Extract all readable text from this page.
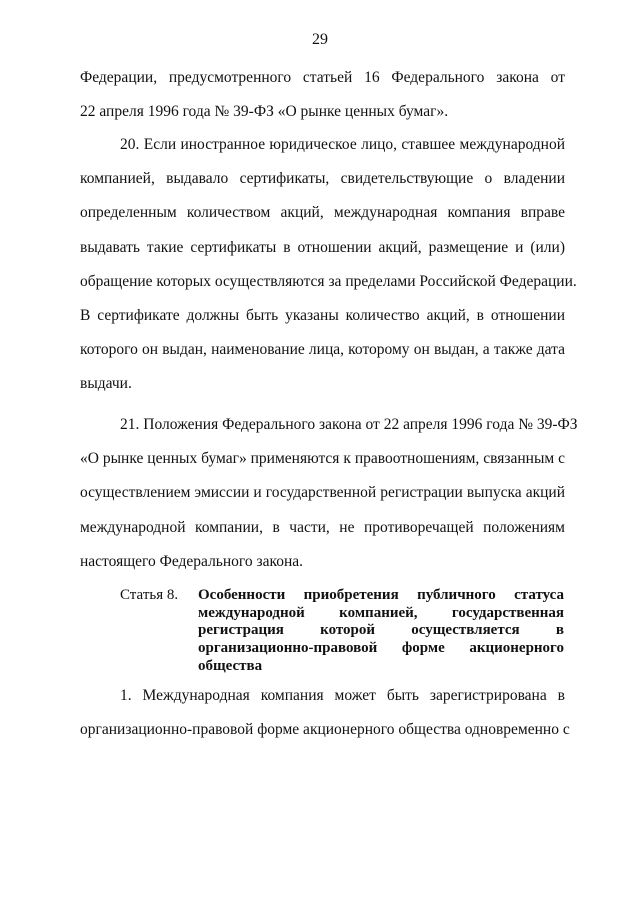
29
Федерации, предусмотренного статьей 16 Федерального закона от
22 апреля 1996 года № 39-ФЗ «О рынке ценных бумаг».
20. Если иностранное юридическое лицо, ставшее международной
компанией, выдавало сертификаты, свидетельствующие о владении
определенным количеством акций, международная компания вправе
выдавать такие сертификаты в отношении акций, размещение и (или)
обращение которых осуществляются за пределами Российской Федерации.
В сертификате должны быть указаны количество акций, в отношении
которого он выдан, наименование лица, которому он выдан, а также дата
выдачи.
21. Положения Федерального закона от 22 апреля 1996 года № 39-ФЗ
«О рынке ценных бумаг» применяются к правоотношениям, связанным с
осуществлением эмиссии и государственной регистрации выпуска акций
международной компании, в части, не противоречащей положениям
настоящего Федерального закона.
Статья 8.	Особенности приобретения публичного статуса
международной компанией, государственная
регистрация которой осуществляется в
организационно-правовой форме акционерного
общества
1. Международная компания может быть зарегистрирована в
организационно-правовой форме акционерного общества одновременно с
